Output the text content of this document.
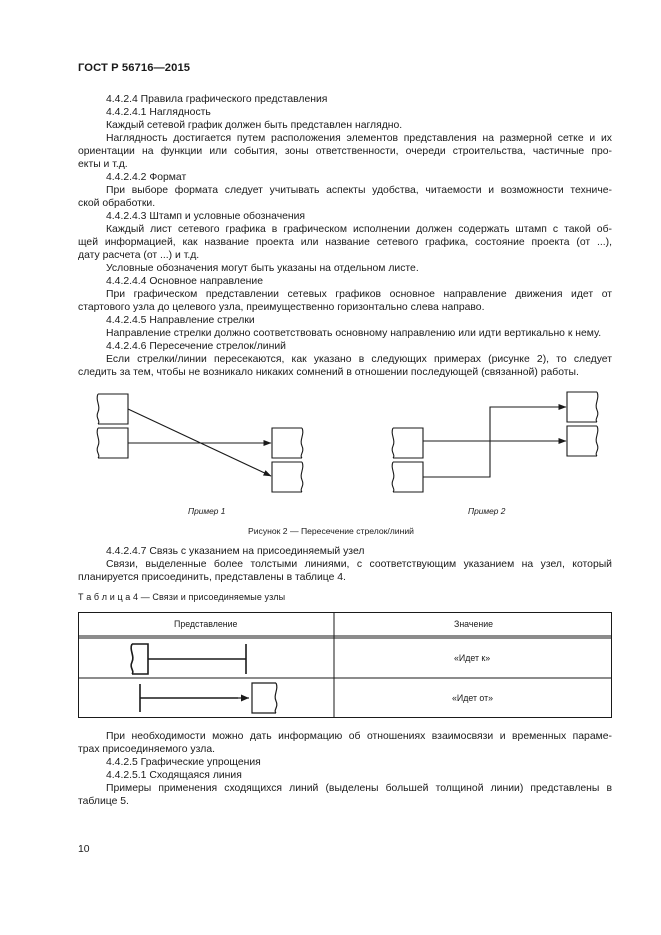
ГОСТ Р 56716—2015
4.4.2.4 Правила графического представления
4.4.2.4.1 Наглядность
Каждый сетевой график должен быть представлен наглядно.
Наглядность достигается путем расположения элементов представления на размерной сетке и их
ориентации на функции или события, зоны ответственности, очереди строительства, частичные про-
екты и т.д.
4.4.2.4.2 Формат
При выборе формата следует учитывать аспекты удобства, читаемости и возможности техниче-
ской обработки.
4.4.2.4.3 Штамп и условные обозначения
Каждый лист сетевого графика в графическом исполнении должен содержать штамп с такой об-
щей информацией, как название проекта или название сетевого графика, состояние проекта (от ...),
дату расчета (от ...) и т.д.
Условные обозначения могут быть указаны на отдельном листе.
4.4.2.4.4 Основное направление
При графическом представлении сетевых графиков основное направление движения идет от
стартового узла до целевого узла, преимущественно горизонтально слева направо.
4.4.2.4.5 Направление стрелки
Направление стрелки должно соответствовать основному направлению или идти вертикально к нему.
4.4.2.4.6 Пересечение стрелок/линий
Если стрелки/линии пересекаются, как указано в следующих примерах (рисунке 2), то следует
следить за тем, чтобы не возникало никаких сомнений в отношении последующей (связанной) работы.
Пример 1	Пример 2
Рисунок 2 — Пересечение стрелок/линий
4.4.2.4.7 Связь с указанием на присоединяемый узел
Связи, выделенные более толстыми линиями, с соответствующим указанием на узел, который
планируется присоединить, представлены в таблице 4.
Т а б л и ц а 4 — Связи и присоединяемые узлы
Представление	Значение
«Идет к»
«Идет от»
При необходимости можно дать информацию об отношениях взаимосвязи и временных параме-
трах присоединяемого узла.
4.4.2.5 Графические упрощения
4.4.2.5.1 Сходящаяся линия
Примеры применения сходящихся линий (выделены большей толщиной линии) представлены в
таблице 5.
10
